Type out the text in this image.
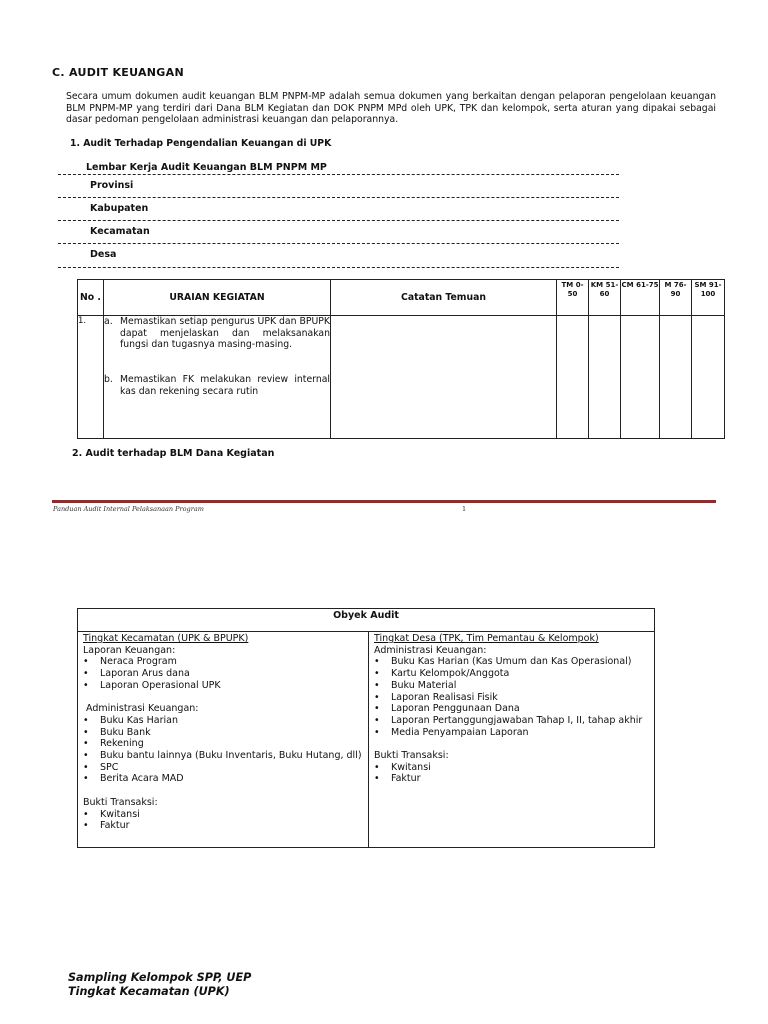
C. AUDIT KEUANGAN
Secara umum dokumen audit keuangan BLM PNPM-MP adalah semua dokumen yang berkaitan dengan pelaporan pengelolaan keuangan BLM PNPM-MP yang terdiri dari Dana BLM Kegiatan dan DOK PNPM MPd oleh UPK, TPK dan kelompok, serta aturan yang dipakai sebagai dasar pedoman pengelolaan administrasi keuangan dan pelaporannya.
1. Audit Terhadap Pengendalian Keuangan di UPK
Lembar Kerja Audit Keuangan BLM PNPM MP
Provinsi
Kabupaten
Kecamatan
Desa
No .	URAIAN KEGIATAN	Catatan Temuan	TM 0-50	KM 51-60	CM 61-75	M 76-90	SM 91-100
1.	a. Memastikan setiap pengurus UPK dan BPUPK dapat menjelaskan dan melaksanakan fungsi dan tugasnya masing-masing.
b. Memastikan FK melakukan review internal kas dan rekening secara rutin						

2. Audit terhadap BLM Dana Kegiatan
Panduan Audit Internal Pelaksanaan Program	1
Obyek Audit

Tingkat Kecamatan (UPK & BPUPK)
Laporan Keuangan:
•	Neraca Program
•	Laporan Arus dana
•	Laporan Operasional UPK
Administrasi Keuangan:
•	Buku Kas Harian
•	Buku Bank
•	Rekening
•	Buku bantu lainnya (Buku Inventaris, Buku Hutang, dll)
•	SPC
•	Berita Acara MAD
Bukti Transaksi:
•	Kwitansi
•	Faktur

Tingkat Desa (TPK, Tim Pemantau & Kelompok)
Administrasi Keuangan:
•	Buku Kas Harian (Kas Umum dan Kas Operasional)
•	Kartu Kelompok/Anggota
•	Buku Material
•	Laporan Realisasi Fisik
•	Laporan Penggunaan Dana
•	Laporan Pertanggungjawaban Tahap I, II, tahap akhir
•	Media Penyampaian Laporan
Bukti Transaksi:
•	Kwitansi
•	Faktur
Sampling Kelompok SPP, UEP
Tingkat Kecamatan (UPK)
